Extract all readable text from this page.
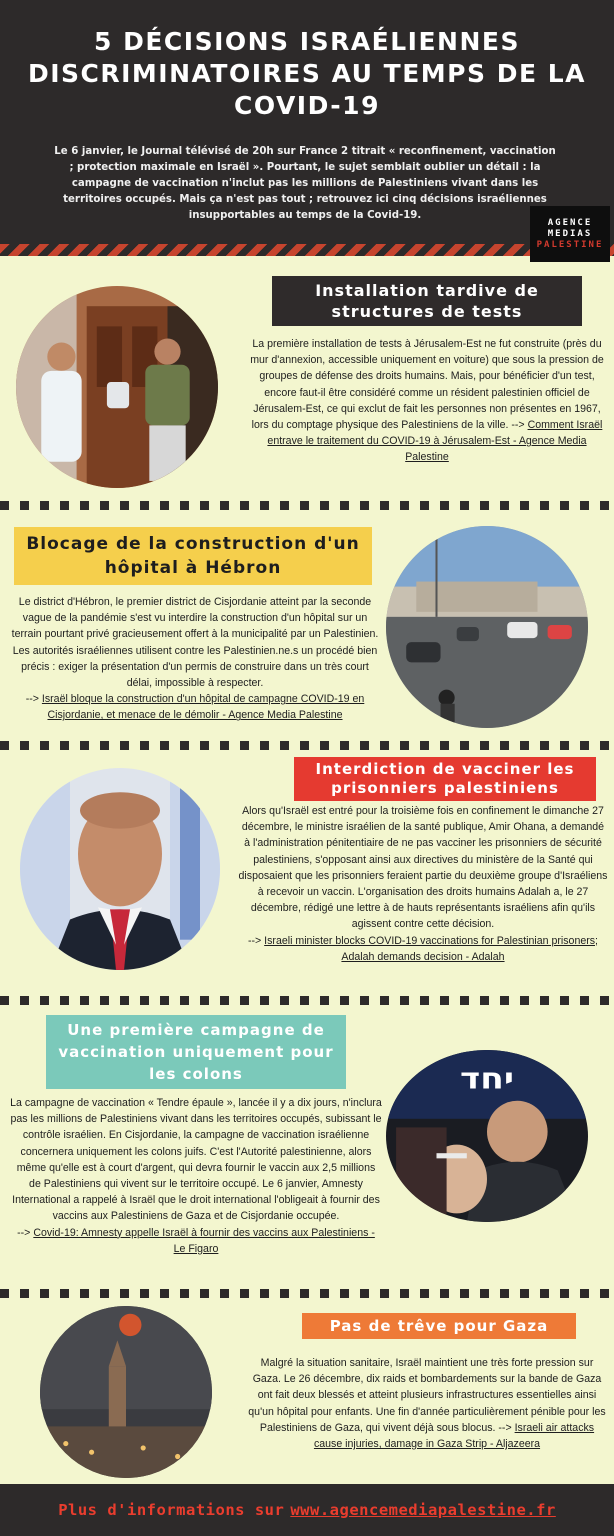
5 DÉCISIONS ISRAÉLIENNES DISCRIMINATOIRES AU TEMPS DE LA COVID-19

Le 6 janvier, le Journal télévisé de 20h sur France 2 titrait « reconfinement, vaccination ; protection maximale en Israël ». Pourtant, le sujet semblait oublier un détail : la campagne de vaccination n'inclut pas les millions de Palestiniens vivant dans les territoires occupés. Mais ça n'est pas tout ; retrouvez ici cinq décisions israéliennes insupportables au temps de la Covid-19.

AGENCE
MEDIAS
PALESTINE
Installation tardive de structures de tests
La première installation de tests à Jérusalem-Est ne fut construite (près du mur d'annexion, accessible uniquement en voiture) que sous la pression de groupes de défense des droits humains. Mais, pour bénéficier d'un test, encore faut-il être considéré comme un résident palestinien officiel de Jérusalem-Est, ce qui exclut de fait les personnes non présentes en 1967, lors du comptage physique des Palestiniens de la ville. --> Comment Israël entrave le traitement du COVID-19 à Jérusalem-Est - Agence Media Palestine
Blocage de la construction d'un hôpital à Hébron
Le district d'Hébron, le premier district de Cisjordanie atteint par la seconde vague de la pandémie s'est vu interdire la construction d'un hôpital sur un terrain pourtant privé gracieusement offert à la municipalité par un Palestinien. Les autorités israéliennes utilisent contre les Palestinien.ne.s un procédé bien précis : exiger la présentation d'un permis de construire dans un très court délai, impossible à respecter.
--> Israël bloque la construction d'un hôpital de campagne COVID-19 en Cisjordanie, et menace de le démolir - Agence Media Palestine
Interdiction de vacciner les prisonniers palestiniens
Alors qu'Israël est entré pour la troisième fois en confinement le dimanche 27 décembre, le ministre israélien de la santé publique, Amir Ohana, a demandé à l'administration pénitentiaire de ne pas vacciner les prisonniers de sécurité palestiniens, s'opposant ainsi aux directives du ministère de la Santé qui disposaient que les prisonniers feraient partie du deuxième groupe d'Israéliens à recevoir un vaccin. L'organisation des droits humains Adalah a, le 27 décembre, rédigé une lettre à de hauts représentants israéliens afin qu'ils agissent contre cette décision.
--> Israeli minister blocks COVID-19 vaccinations for Palestinian prisoners; Adalah demands decision - Adalah
Une première campagne de vaccination uniquement pour les colons
La campagne de vaccination « Tendre épaule », lancée il y a dix jours, n'inclura pas les millions de Palestiniens vivant dans les territoires occupés, subissant le contrôle israélien. En Cisjordanie, la campagne de vaccination israélienne concernera uniquement les colons juifs. C'est l'Autorité palestinienne, alors même qu'elle est à court d'argent, qui devra fournir le vaccin aux 2,5 millions de Palestiniens qui vivent sur le territoire occupé. Le 6 janvier, Amnesty International a rappelé à Israël que le droit international l'obligeait à fournir des vaccins aux Palestiniens de Gaza et de Cisjordanie occupée.
--> Covid-19: Amnesty appelle Israël à fournir des vaccins aux Palestiniens - Le Figaro
יחד
Pas de trêve pour Gaza
Malgré la situation sanitaire, Israël maintient une très forte pression sur Gaza. Le 26 décembre, dix raids et bombardements sur la bande de Gaza ont fait deux blessés et atteint plusieurs infrastructures essentielles ainsi qu'un hôpital pour enfants. Une fin d'année particulièrement pénible pour les Palestiniens de Gaza, qui vivent déjà sous blocus. --> Israeli air attacks cause injuries, damage in Gaza Strip - Aljazeera
Plus d'informations sur www.agencemediapalestine.fr
